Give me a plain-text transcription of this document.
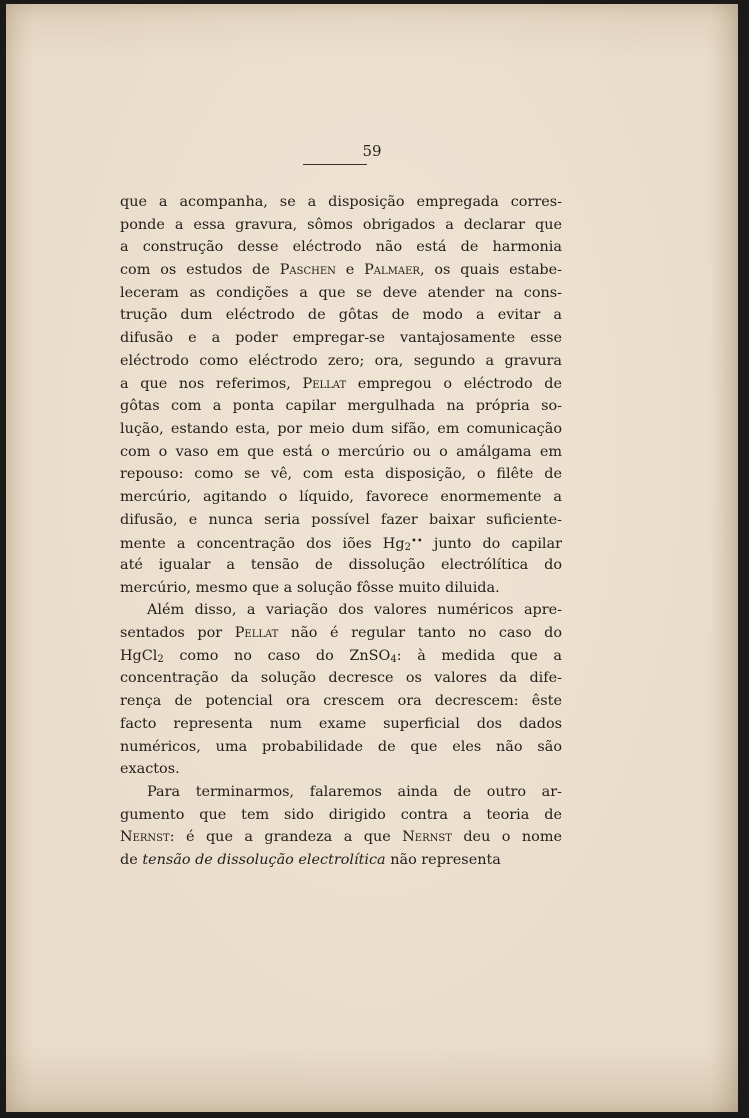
59
que a acompanha, se a disposição empregada corres-
ponde a essa gravura, sômos obrigados a declarar que
a construção desse eléctrodo não está de harmonia
com os estudos de Paschen e Palmaer, os quais estabe-
leceram as condições a que se deve atender na cons-
trução dum eléctrodo de gôtas de modo a evitar a
difusão e a poder empregar-se vantajosamente esse
eléctrodo como eléctrodo zero; ora, segundo a gravura
a que nos referimos, Pellat empregou o eléctrodo de
gôtas com a ponta capilar mergulhada na própria so-
lução, estando esta, por meio dum sifão, em comunicação
com o vaso em que está o mercúrio ou o amálgama em
repouso: como se vê, com esta disposição, o filête de
mercúrio, agitando o líquido, favorece enormemente a
difusão, e nunca seria possível fazer baixar suficiente-
mente a concentração dos iões $Hg_2^{••}$ junto do capilar
até igualar a tensão de dissolução electrólítica do
mercúrio, mesmo que a solução fôsse muito diluida.
Além disso, a variação dos valores numéricos apre-
sentados por Pellat não é regular tanto no caso do
HgCl$_2$ como no caso do ZnSO$_4$: à medida que a
concentração da solução decresce os valores da dife-
rença de potencial ora crescem ora decrescem: êste
facto representa num exame superficial dos dados
numéricos, uma probabilidade de que eles não são
exactos.
Para terminarmos, falaremos ainda de outro ar-
gumento que tem sido dirigido contra a teoria de
Nernst: é que a grandeza a que Nernst deu o nome
de tensão de dissolução electrolítica não representa
